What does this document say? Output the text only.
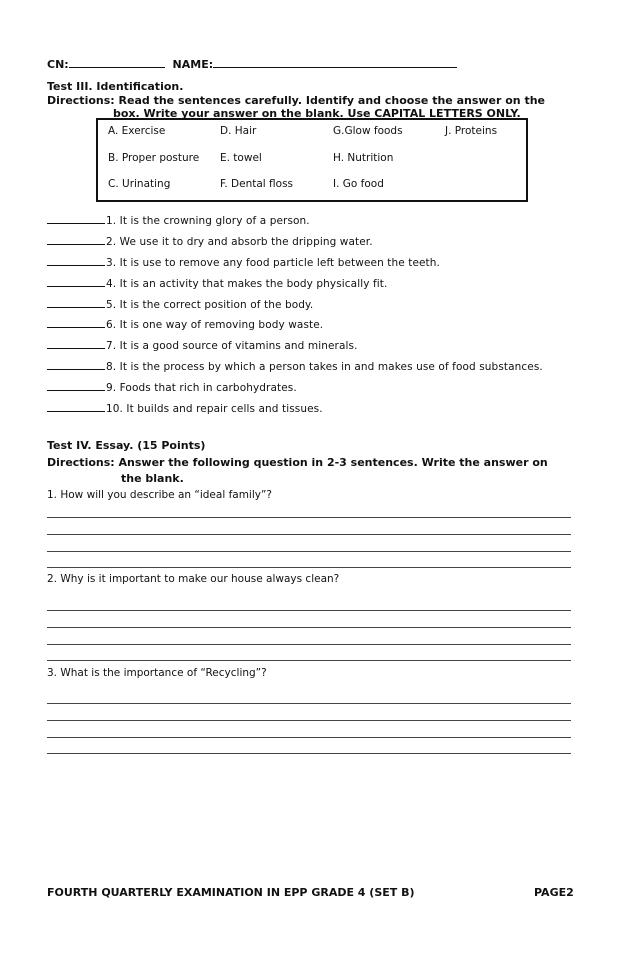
CN:	NAME:
Test III. Identification.
Directions: Read the sentences carefully. Identify and choose the answer on the
box. Write your answer on the blank. Use CAPITAL LETTERS ONLY.
A. Exercise	D. Hair	G.Glow foods	J. Proteins
B. Proper posture E. towel	H. Nutrition
C. Urinating	F. Dental floss	I. Go food
1. It is the crowning glory of a person.
2. We use it to dry and absorb the dripping water.
3. It is use to remove any food particle left between the teeth.
4. It is an activity that makes the body physically fit.
5. It is the correct position of the body.
6. It is one way of removing body waste.
7. It is a good source of vitamins and minerals.
8. It is the process by which a person takes in and makes use of food substances.
9. Foods that rich in carbohydrates.
10. It builds and repair cells and tissues.
Test IV. Essay. (15 Points)
Directions: Answer the following question in 2-3 sentences. Write the answer on
the blank.
1. How will you describe an “ideal family”?
2. Why is it important to make our house always clean?
3. What is the importance of “Recycling”?
FOURTH QUARTERLY EXAMINATION IN EPP GRADE 4 (SET B)	PAGE2
